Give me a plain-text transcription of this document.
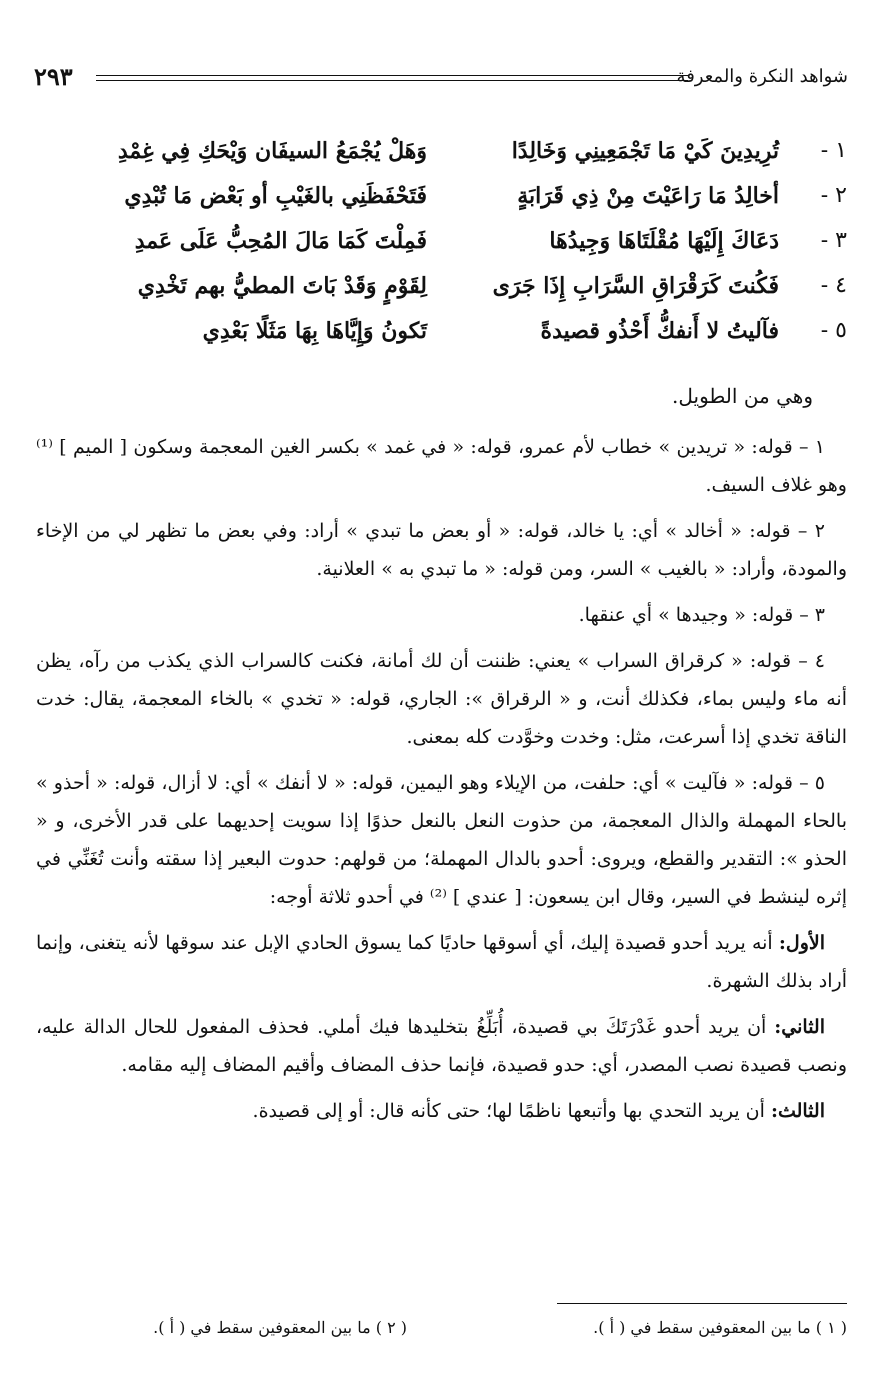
شواهد النكرة والمعرفة
٢٩٣
١ -
تُرِيدِينَ كَيْ مَا تَجْمَعِينِي وَخَالِدًا
وَهَلْ يُجْمَعُ السيفَان وَيْحَكِ فِي غِمْدِ
٢ -
أخالِدُ مَا رَاعَيْتَ مِنْ ذِي قَرَابَةٍ
فَتَحْفَظَنِي بالغَيْبِ أو بَعْض مَا تُبْدِي
٣ -
دَعَاكَ إِلَيْهَا مُقْلَتَاهَا وَجِيدُهَا
فَمِلْتَ كَمَا مَالَ المُحِبُّ عَلَى عَمدِ
٤ -
فَكُنتَ كَرَقْرَاقِ السَّرَابِ إِذَا جَرَى
لِقَوْمٍ وَقَدْ بَاتَ المطيُّ بهم تَخْدِي
٥ -
فآليتُ لا أَنفكُّ أَحْذُو قصيدةً
تَكونُ وَإِيَّاهَا بِهَا مَثَلًا بَعْدِي
وهي من الطويل.

١ – قوله: « تريدين » خطاب لأم عمرو، قوله: « في غمد » بكسر الغين المعجمة وسكون [ الميم ] ⁽¹⁾ وهو غلاف السيف.

٢ – قوله: « أخالد » أي: يا خالد، قوله: « أو بعض ما تبدي » أراد: وفي بعض ما تظهر لي من الإخاء والمودة، وأراد: « بالغيب » السر، ومن قوله: « ما تبدي به » العلانية.

٣ – قوله: « وجيدها » أي عنقها.

٤ – قوله: « كرقراق السراب » يعني: ظننت أن لك أمانة، فكنت كالسراب الذي يكذب من رآه، يظن أنه ماء وليس بماء، فكذلك أنت، و « الرقراق »: الجاري، قوله: « تخدي » بالخاء المعجمة، يقال: خدت الناقة تخدي إذا أسرعت، مثل: وخدت وخوَّدت كله بمعنى.

٥ – قوله: « فآليت » أي: حلفت، من الإيلاء وهو اليمين، قوله: « لا أنفك » أي: لا أزال، قوله: « أحذو » بالحاء المهملة والذال المعجمة، من حذوت النعل بالنعل حذوًا إذا سويت إحديهما على قدر الأخرى، و « الحذو »: التقدير والقطع، ويروى: أحدو بالدال المهملة؛ من قولهم: حدوت البعير إذا سقته وأنت تُغَنِّي في إثره لينشط في السير، وقال ابن يسعون: [ عندي ] ⁽²⁾ في أحدو ثلاثة أوجه:

الأول: أنه يريد أحدو قصيدة إليك، أي أسوقها حاديًا كما يسوق الحادي الإبل عند سوقها لأنه يتغنى، وإنما أراد بذلك الشهرة.

الثاني: أن يريد أحدو غَدْرَتَكَ بي قصيدة، أُبَلِّغُ بتخليدها فيك أملي. فحذف المفعول للحال الدالة عليه، ونصب قصيدة نصب المصدر، أي: حدو قصيدة، فإنما حذف المضاف وأقيم المضاف إليه مقامه.

الثالث: أن يريد التحدي بها وأتبعها ناظمًا لها؛ حتى كأنه قال: أو إلى قصيدة.

( ١ ) ما بين المعقوفين سقط في ( أ ).
( ٢ ) ما بين المعقوفين سقط في ( أ ).
